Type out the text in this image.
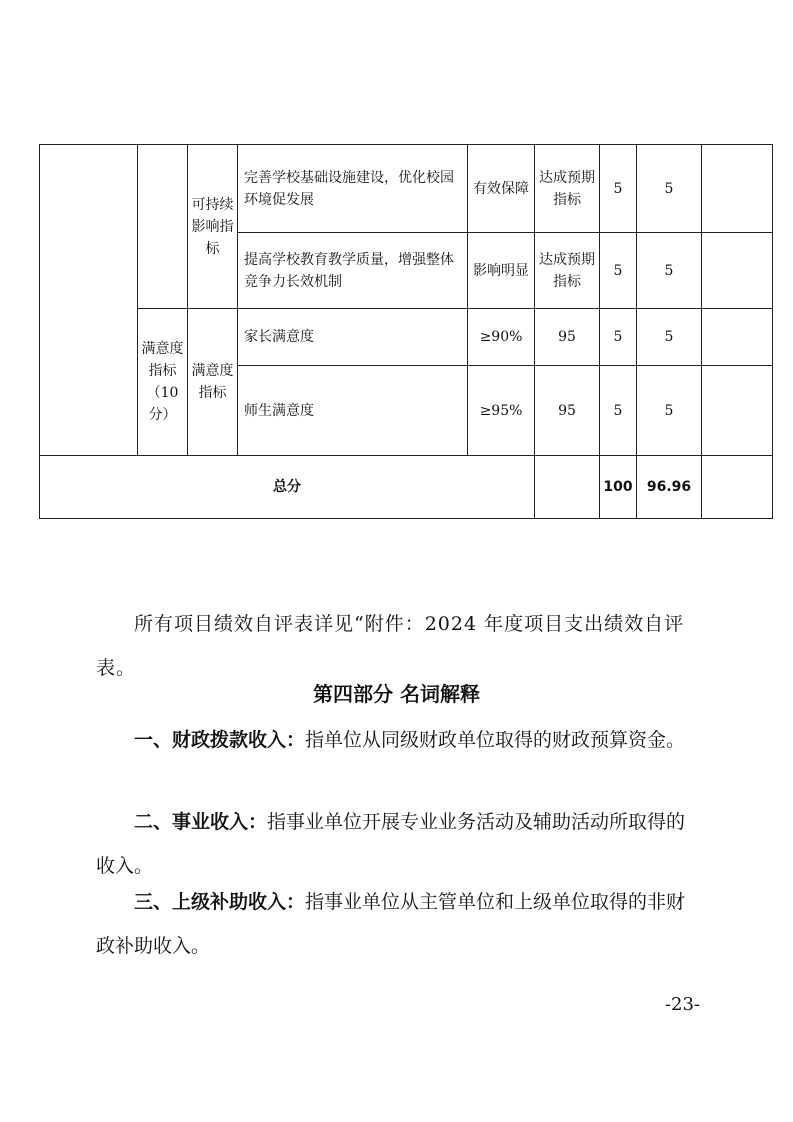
		可持续影响指标	完善学校基础设施建设，优化校园环境促发展	有效保障	达成预期指标	5	5	
			提高学校教育教学质量，增强整体竞争力长效机制	影响明显	达成预期指标	5	5	
	满意度指标（10分）	满意度指标	家长满意度	≥90%	95	5	5	
			师生满意度	≥95%	95	5	5	
总分						100	96.96	

所有项目绩效自评表详见“附件：2024 年度项目支出绩效自评表。

第四部分 名词解释

一、财政拨款收入：指单位从同级财政单位取得的财政预算资金。

二、事业收入：指事业单位开展专业业务活动及辅助活动所取得的收入。

三、上级补助收入：指事业单位从主管单位和上级单位取得的非财政补助收入。

-23-
